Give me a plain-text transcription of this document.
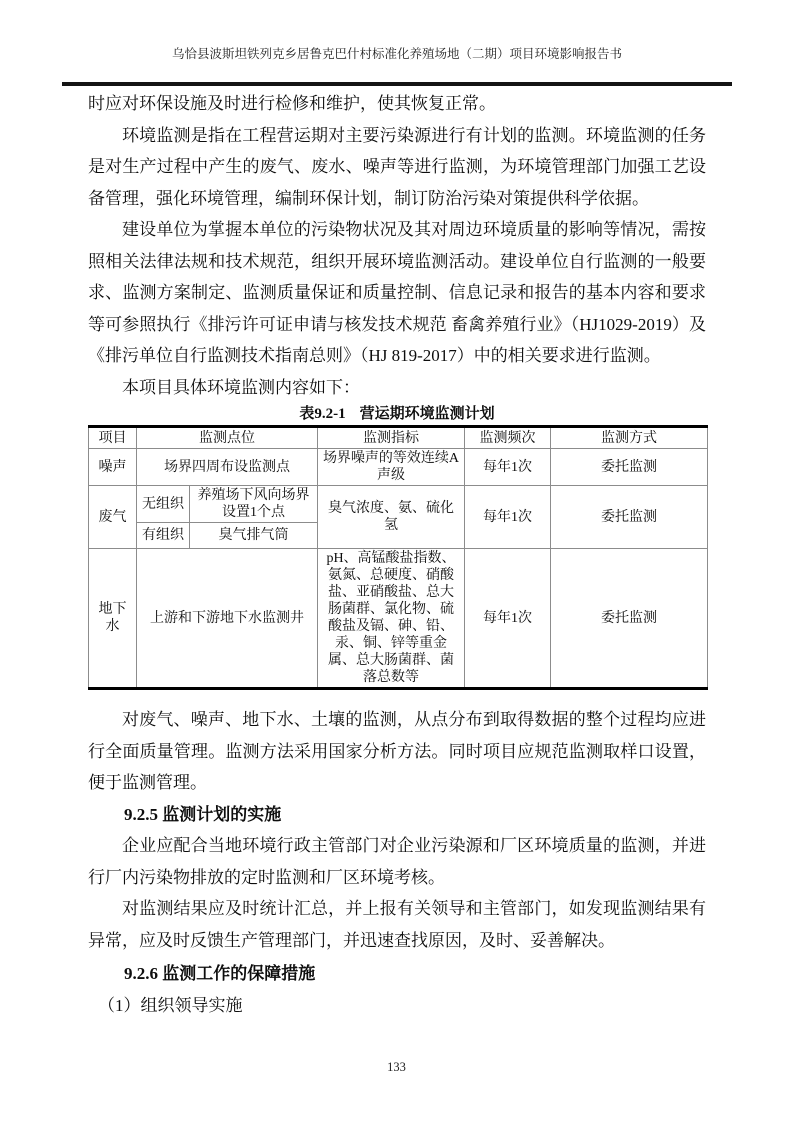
乌恰县波斯坦铁列克乡居鲁克巴什村标准化养殖场地（二期）项目环境影响报告书

时应对环保设施及时进行检修和维护，使其恢复正常。

环境监测是指在工程营运期对主要污染源进行有计划的监测。环境监测的任务是对生产过程中产生的废气、废水、噪声等进行监测，为环境管理部门加强工艺设备管理，强化环境管理，编制环保计划，制订防治污染对策提供科学依据。

建设单位为掌握本单位的污染物状况及其对周边环境质量的影响等情况，需按照相关法律法规和技术规范，组织开展环境监测活动。建设单位自行监测的一般要求、监测方案制定、监测质量保证和质量控制、信息记录和报告的基本内容和要求等可参照执行《排污许可证申请与核发技术规范 畜禽养殖行业》（HJ1029-2019）及《排污单位自行监测技术指南总则》（HJ 819-2017）中的相关要求进行监测。

本项目具体环境监测内容如下：

表9.2-1 营运期环境监测计划
项目	监测点位		监测指标	监测频次	监测方式
噪声	场界四周布设监测点		场界噪声的等效连续A声级	每年1次	委托监测
废气	无组织	养殖场下风向场界设置1个点	臭气浓度、氨、硫化氢	每年1次	委托监测
	有组织	臭气排气筒			
地下水	上游和下游地下水监测井		pH、高锰酸盐指数、氨氮、总硬度、硝酸盐、亚硝酸盐、总大肠菌群、氯化物、硫酸盐及镉、砷、铅、汞、铜、锌等重金属、总大肠菌群、菌落总数等	每年1次	委托监测

对废气、噪声、地下水、土壤的监测，从点分布到取得数据的整个过程均应进行全面质量管理。监测方法采用国家分析方法。同时项目应规范监测取样口设置，便于监测管理。

9.2.5 监测计划的实施

企业应配合当地环境行政主管部门对企业污染源和厂区环境质量的监测，并进行厂内污染物排放的定时监测和厂区环境考核。

对监测结果应及时统计汇总，并上报有关领导和主管部门，如发现监测结果有异常，应及时反馈生产管理部门，并迅速查找原因，及时、妥善解决。

9.2.6 监测工作的保障措施

（1）组织领导实施

133
